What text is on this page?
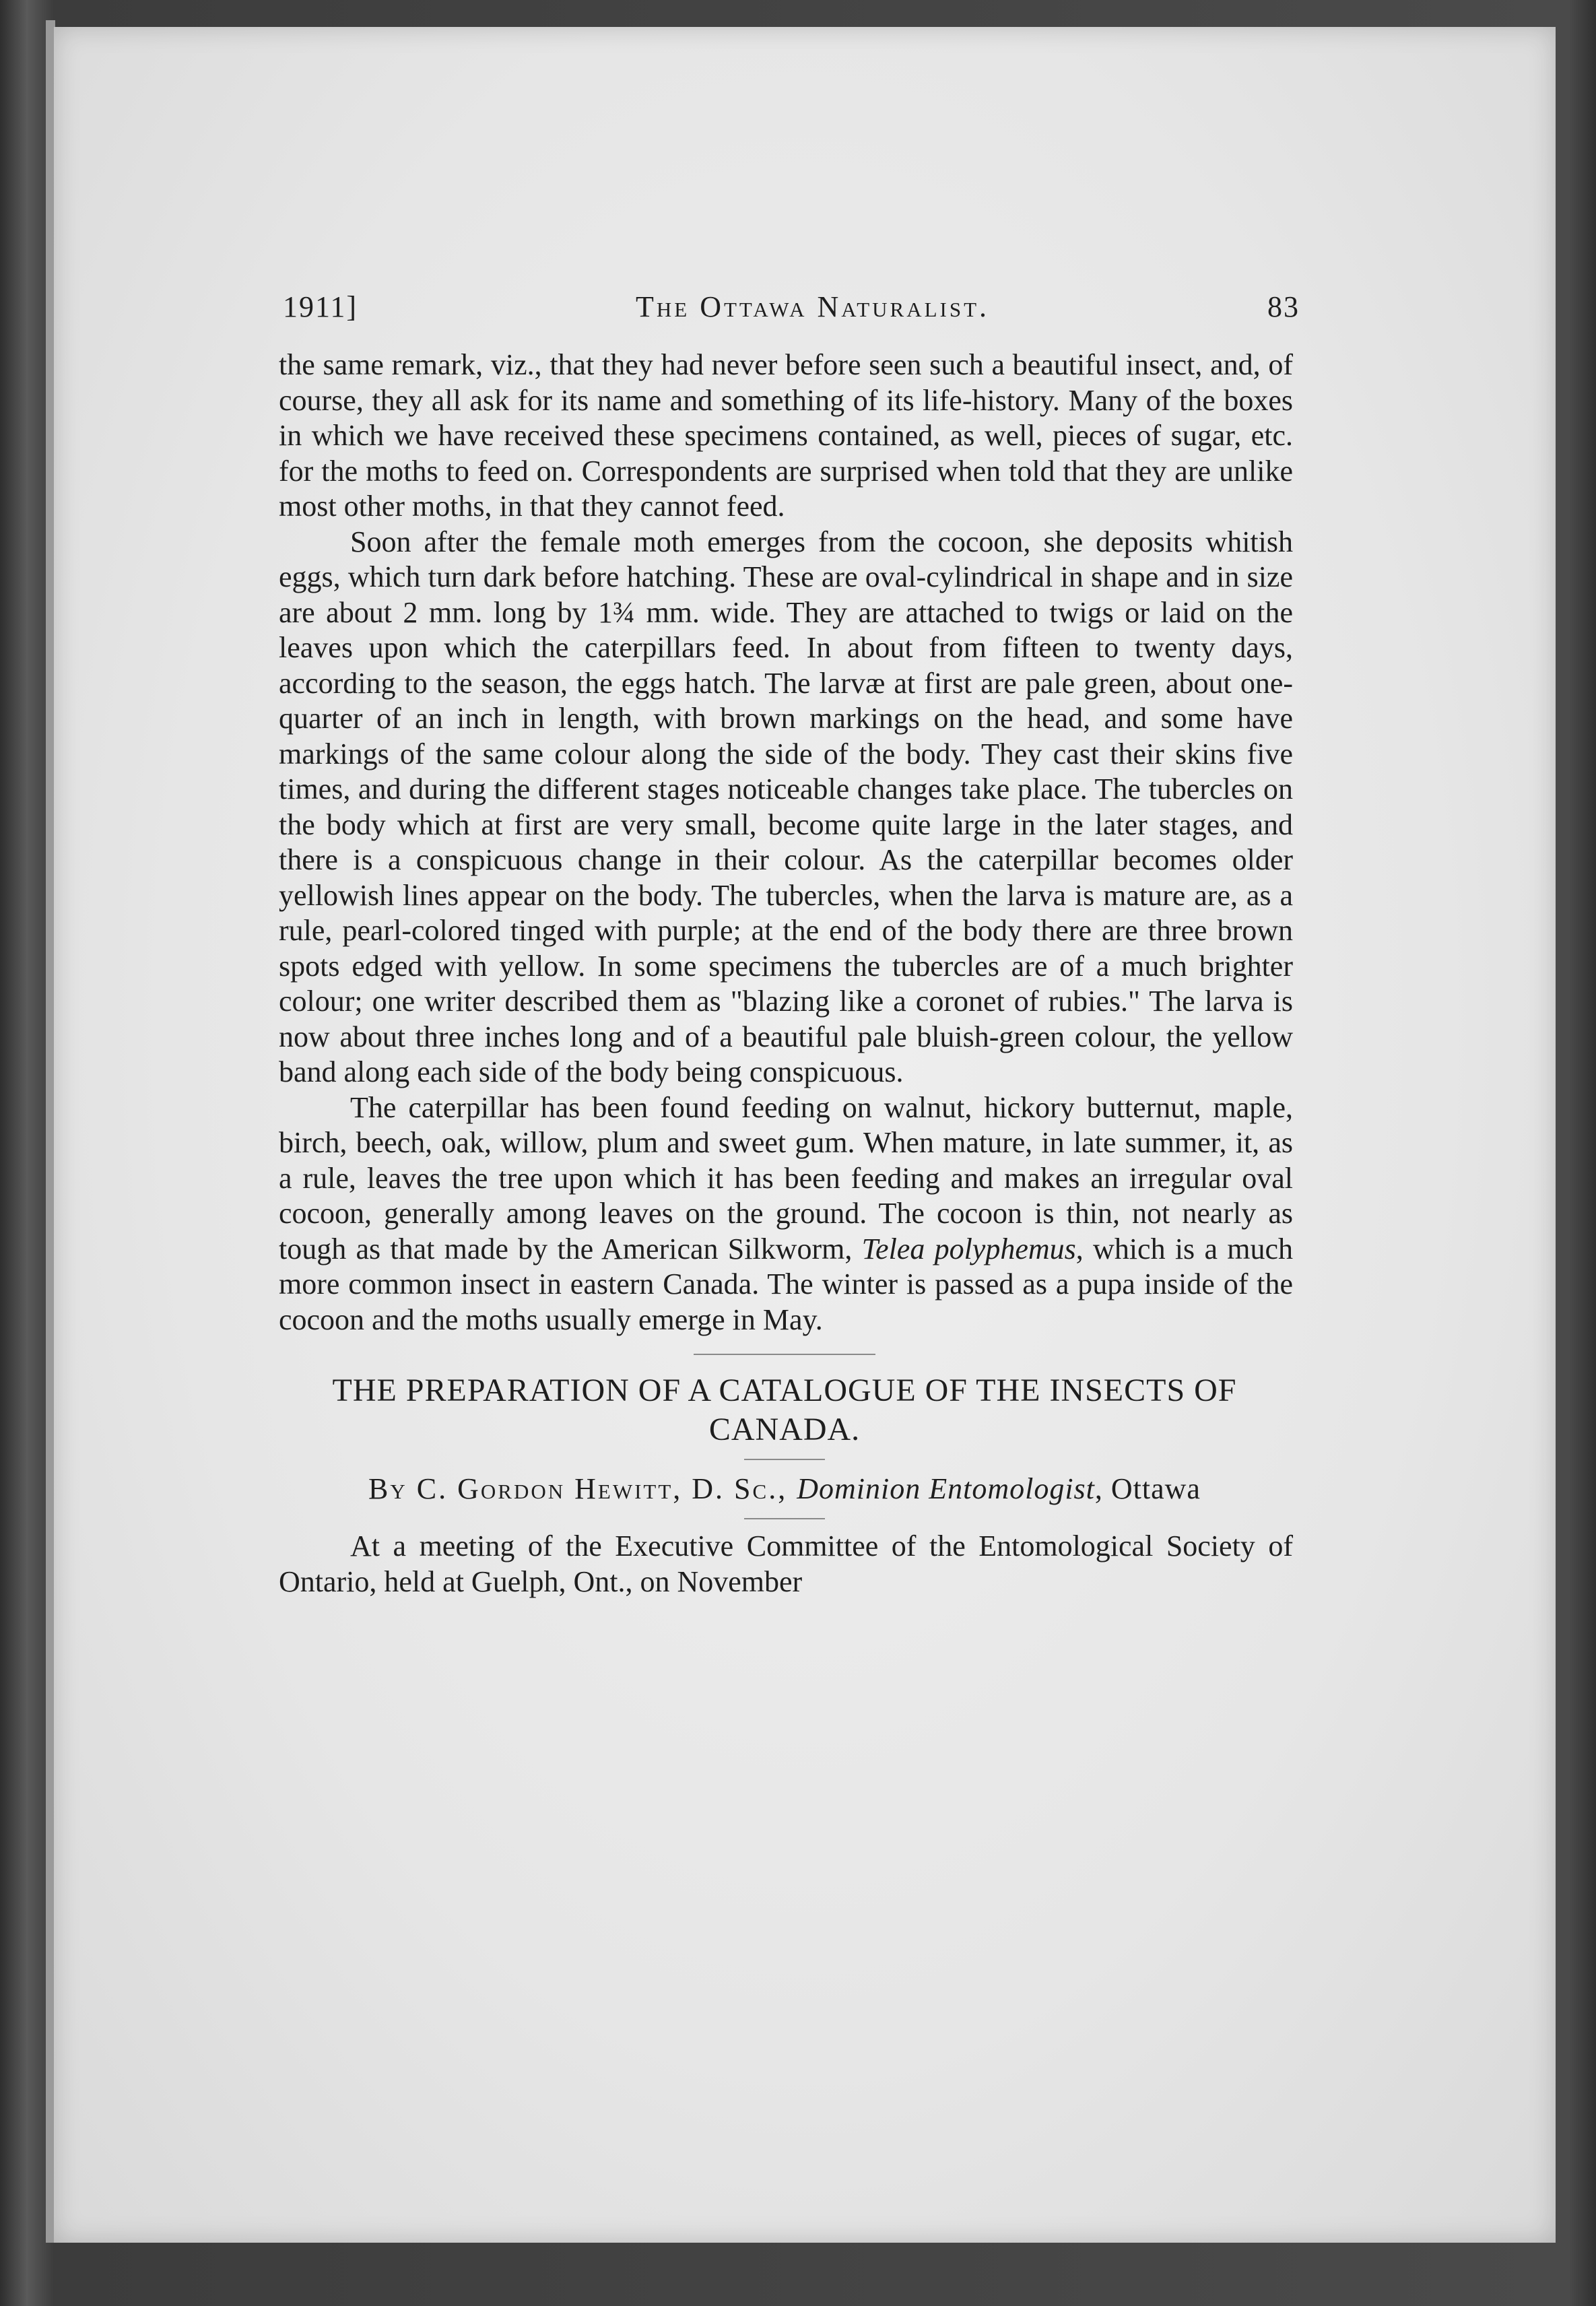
1911]	The Ottawa Naturalist.	83

the same remark, viz., that they had never before seen such a beautiful insect, and, of course, they all ask for its name and something of its life-history. Many of the boxes in which we have received these specimens contained, as well, pieces of sugar, etc. for the moths to feed on. Correspondents are surprised when told that they are unlike most other moths, in that they cannot feed.

Soon after the female moth emerges from the cocoon, she deposits whitish eggs, which turn dark before hatching. These are oval-cylindrical in shape and in size are about 2 mm. long by 1¾ mm. wide. They are attached to twigs or laid on the leaves upon which the caterpillars feed. In about from fifteen to twenty days, according to the season, the eggs hatch. The larvæ at first are pale green, about one-quarter of an inch in length, with brown markings on the head, and some have markings of the same colour along the side of the body. They cast their skins five times, and during the different stages noticeable changes take place. The tubercles on the body which at first are very small, become quite large in the later stages, and there is a conspicuous change in their colour. As the caterpillar becomes older yellowish lines appear on the body. The tubercles, when the larva is mature are, as a rule, pearl-colored tinged with purple; at the end of the body there are three brown spots edged with yellow. In some specimens the tubercles are of a much brighter colour; one writer described them as "blazing like a coronet of rubies." The larva is now about three inches long and of a beautiful pale bluish-green colour, the yellow band along each side of the body being conspicuous.

The caterpillar has been found feeding on walnut, hickory butternut, maple, birch, beech, oak, willow, plum and sweet gum. When mature, in late summer, it, as a rule, leaves the tree upon which it has been feeding and makes an irregular oval cocoon, generally among leaves on the ground. The cocoon is thin, not nearly as tough as that made by the American Silkworm, Telea polyphemus, which is a much more common insect in eastern Canada. The winter is passed as a pupa inside of the cocoon and the moths usually emerge in May.

THE PREPARATION OF A CATALOGUE OF THE INSECTS OF CANADA.
By C. Gordon Hewitt, D. Sc., Dominion Entomologist, Ottawa

At a meeting of the Executive Committee of the Entomological Society of Ontario, held at Guelph, Ont., on November
